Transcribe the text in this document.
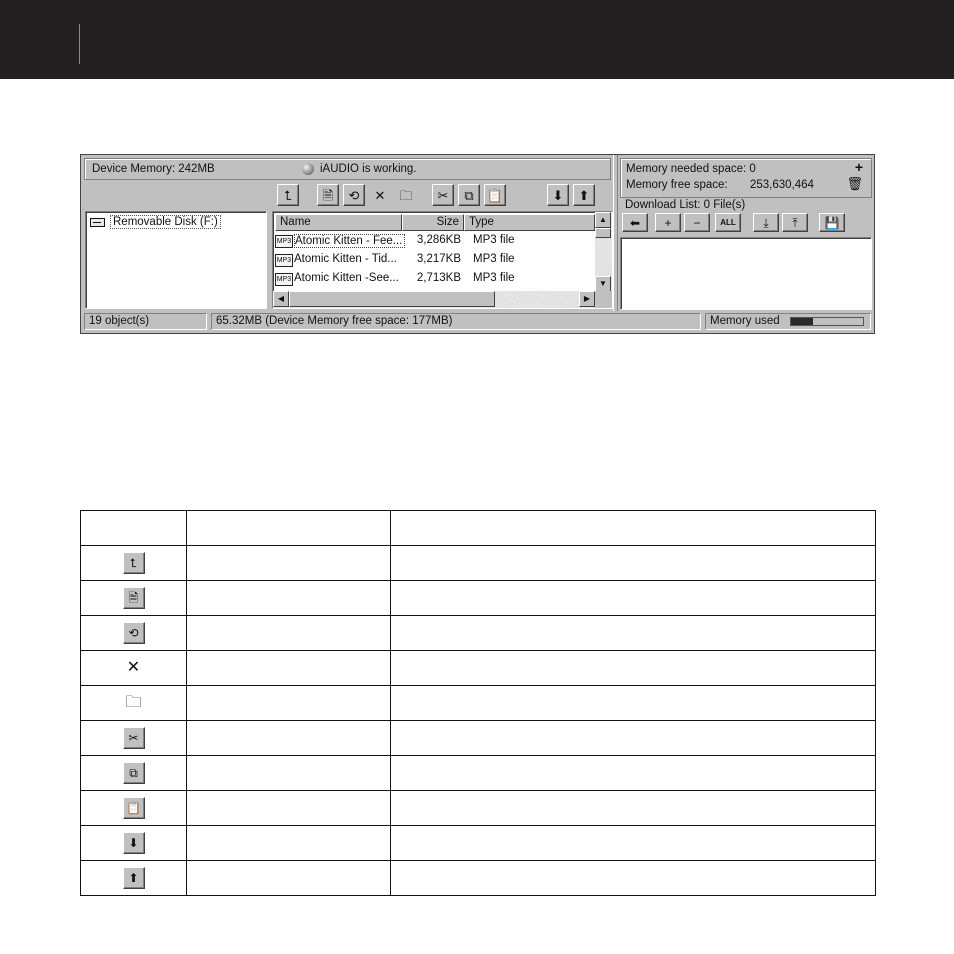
Device Memory: 242MB	iAUDIO is working.
⮤ 🗎 ⟲ ✕ 🗀 ✂ ⧉ 📋	⬇ ⬆
Removable Disk (F:)	Name	Size Type
MP3 Atomic Kitten - Fee...	3,286KB MP3 file
MP3 Atomic Kitten - Tid...	3,217KB MP3 file
MP3 Atomic Kitten -See...	2,713KB MP3 file
▲
▼
◀	▶
Memory needed space: 0
Memory free space: 253,630,464
+
🗑
Download List: 0 File(s)
⬅ + − ALL ⤓ ⤒ 💾
19 object(s)	65.32MB (Device Memory free space: 177MB)	Memory used

⮤		
🗎		
⟲		
✕		
🗀		
✂		
⧉		
📋		
⬇		
⬆		
